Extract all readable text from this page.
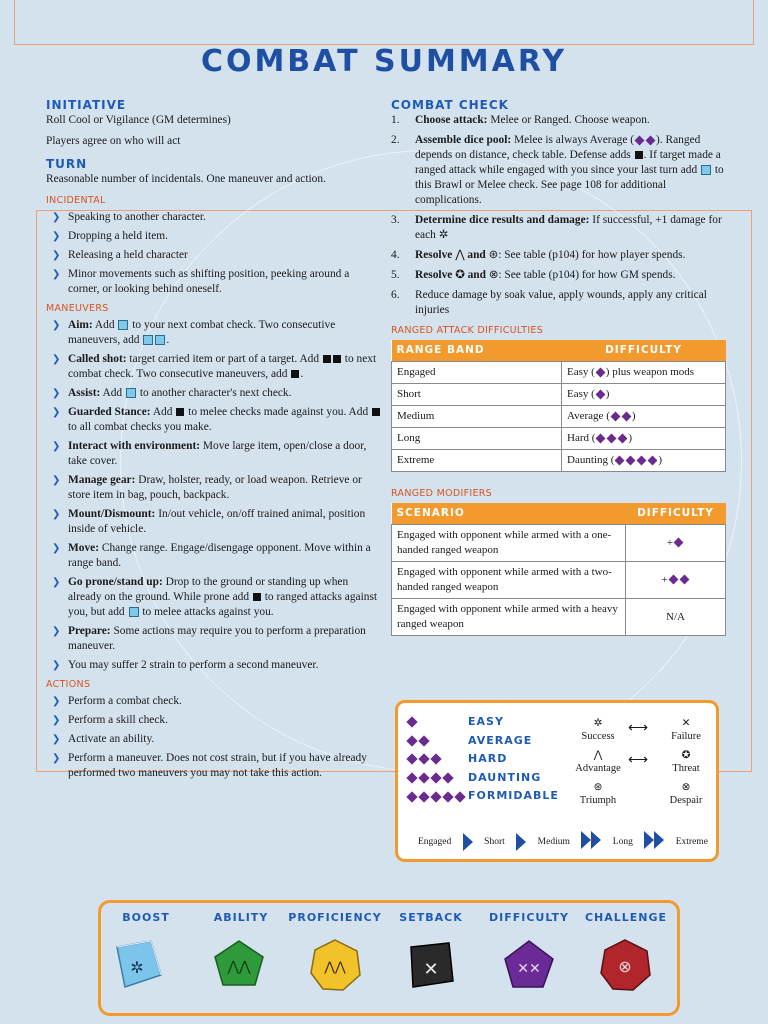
COMBAT SUMMARY
INITIATIVE

Roll Cool or Vigilance (GM determines)

Players agree on who will act

TURN

Reasonable number of incidentals. One maneuver and action.

INCIDENTAL
❯ Speaking to another character.
❯ Dropping a held item.
❯ Releasing a held character
❯ Minor movements such as shifting position, peeking around a corner, or looking behind oneself.
MANEUVERS
❯ Aim: Add to your next combat check. Two consecutive maneuvers, add .
❯ Called shot: target carried item or part of a target. Add to next combat check. Two consecutive maneuvers, add .
❯ Assist: Add to another character's next check.
❯ Guarded Stance: Add to melee checks made against you. Add  to all combat checks you make.
❯ Interact with environment: Move large item, open/close a door, take cover.
❯ Manage gear: Draw, holster, ready, or load weapon. Retrieve or store item in bag, pouch, backpack.
❯ Mount/Dismount: In/out vehicle, on/off trained animal, position inside of vehicle.
❯ Move: Change range. Engage/disengage opponent. Move within a range band.
❯ Go prone/stand up: Drop to the ground or standing up when already on the ground. While prone add to ranged attacks against you, but add to melee attacks against you.
❯ Prepare: Some actions may require you to perform a preparation maneuver.
❯ You may suffer 2 strain to perform a second maneuver.
ACTIONS
❯ Perform a combat check.
❯ Perform a skill check.
❯ Activate an ability.
❯ Perform a maneuver. Does not cost strain, but if you have already performed two maneuvers you may not take this action.
COMBAT CHECK
1. Choose attack: Melee or Ranged. Choose weapon.
2. Assemble dice pool: Melee is always Average ( ). Ranged depends on distance, check table. Defense adds . If target made a ranged attack while engaged with you since your last turn add to this Brawl or Melee check. See page 108 for additional complications.
3. Determine dice results and damage: If successful, +1 damage for each ✲
4. Resolve ⋀ and ⊛: See table (p104) for how player spends.
5. Resolve ✪ and ⊗: See table (p104) for how GM spends.
6. Reduce damage by soak value, apply wounds, apply any critical injuries
RANGED ATTACK DIFFICULTIES
RANGE BAND	DIFFICULTY
Engaged	Easy ( ) plus weapon mods
Short	Easy ( )
Medium	Average ( )
Long	Hard ( )
Extreme	Daunting ( )
RANGED MODIFIERS
SCENARIO	DIFFICULTY
Engaged with opponent while armed with a one-handed ranged weapon	+
Engaged with opponent while armed with a two-handed ranged weapon	+
Engaged with opponent while armed with a heavy ranged weapon	N/A
EASY
AVERAGE
HARD
DAUNTING
FORMIDABLE
✲
Success
⟷	✕
Failure
⋀
Advantage
⟷	✪
Threat
⊛
Triumph
⊗
Despair
Engaged	Short	Medium	Long	Extreme
BOOST	ABILITY	PROFICIENCY	SETBACK	DIFFICULTY	CHALLENGE
✲	⋀⋀	⋀⋀	✕	✕✕	⊗
